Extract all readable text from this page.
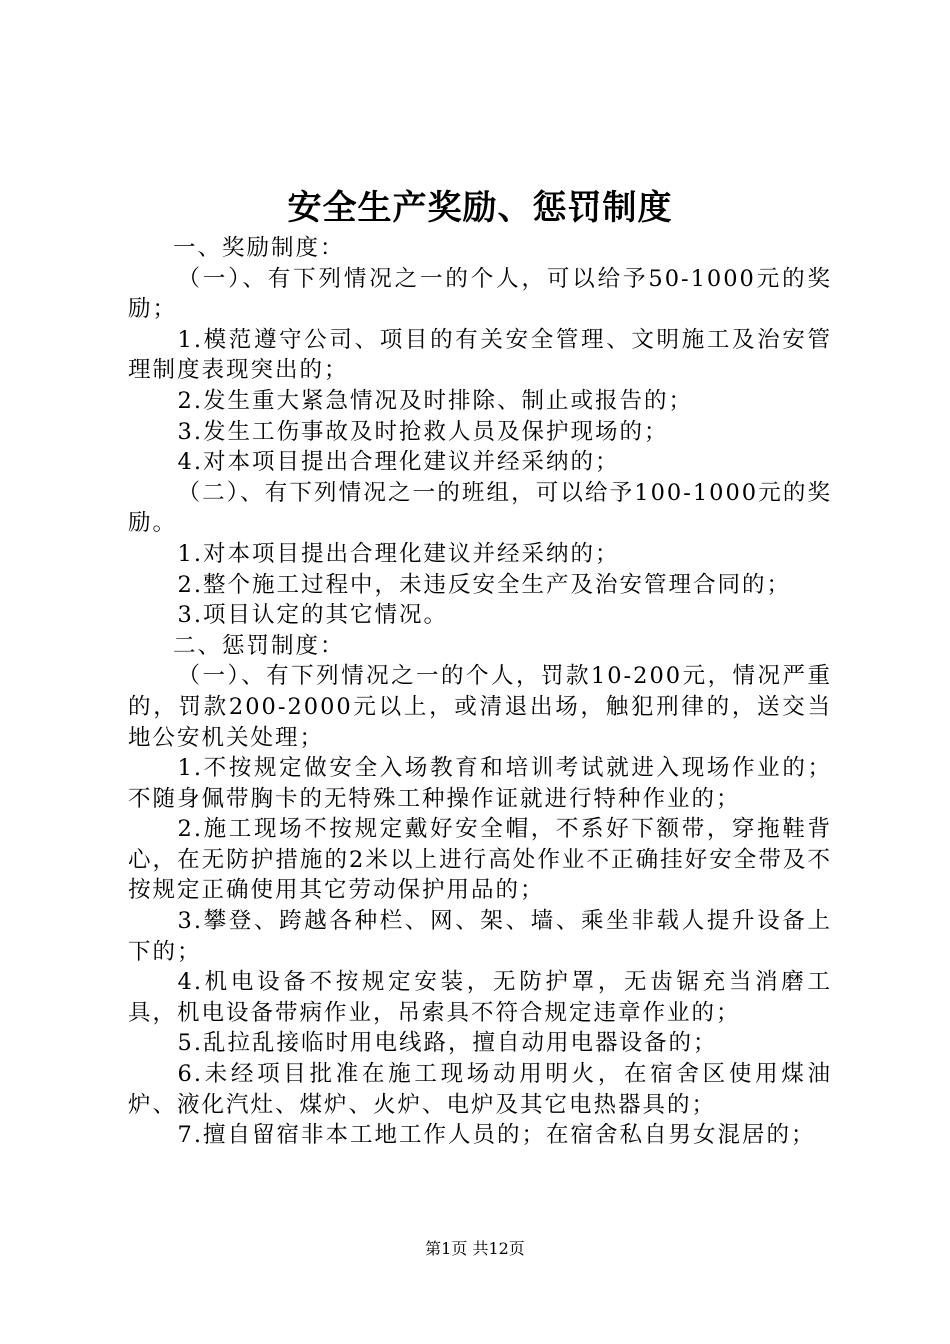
安全生产奖励、惩罚制度

一、奖励制度：

（一）、有下列情况之一的个人，可以给予50-1000元的奖励；

1.模范遵守公司、项目的有关安全管理、文明施工及治安管理制度表现突出的；

2.发生重大紧急情况及时排除、制止或报告的；

3.发生工伤事故及时抢救人员及保护现场的；

4.对本项目提出合理化建议并经采纳的；

（二）、有下列情况之一的班组，可以给予100-1000元的奖励。

1.对本项目提出合理化建议并经采纳的；

2.整个施工过程中，未违反安全生产及治安管理合同的；

3.项目认定的其它情况。

二、惩罚制度：

（一）、有下列情况之一的个人，罚款10-200元，情况严重的，罚款200-2000元以上，或清退出场，触犯刑律的，送交当地公安机关处理；

1.不按规定做安全入场教育和培训考试就进入现场作业的；不随身佩带胸卡的无特殊工种操作证就进行特种作业的；

2.施工现场不按规定戴好安全帽，不系好下额带，穿拖鞋背心，在无防护措施的2米以上进行高处作业不正确挂好安全带及不按规定正确使用其它劳动保护用品的；

3.攀登、跨越各种栏、网、架、墙、乘坐非载人提升设备上下的；

4.机电设备不按规定安装，无防护罩，无齿锯充当消磨工具，机电设备带病作业，吊索具不符合规定违章作业的；

5.乱拉乱接临时用电线路，擅自动用电器设备的；

6.未经项目批准在施工现场动用明火，在宿舍区使用煤油炉、液化汽灶、煤炉、火炉、电炉及其它电热器具的；

7.擅自留宿非本工地工作人员的；在宿舍私自男女混居的；

第1页 共12页
